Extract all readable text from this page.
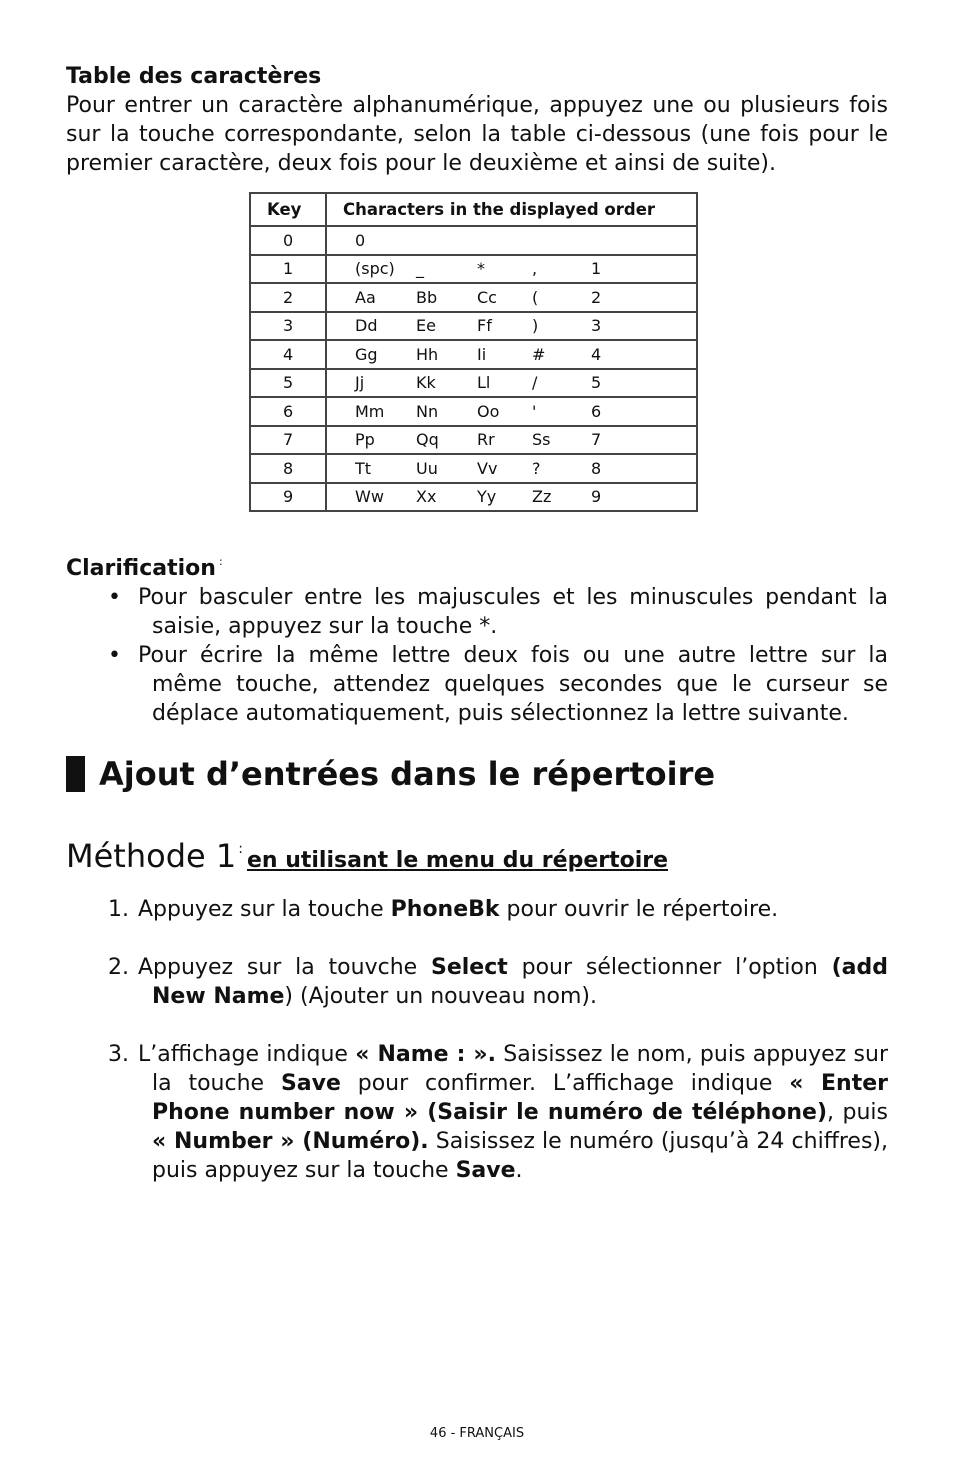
Table des caractères
Pour entrer un caractère alphanumérique, appuyez une ou plusieurs fois sur la touche correspondante, selon la table ci-dessous (une fois pour le premier caractère, deux fois pour le deuxième et ainsi de suite).
Key	Characters in the displayed order
0	0

1	(spc) _ * , 1

2	Aa Bb Cc ( 2

3	Dd Ee Ff ) 3

4	Gg Hh Ii # 4

5	Jj Kk Ll / 5

6	Mm Nn Oo ' 6

7	Pp Qq Rr Ss 7

8	Tt Uu Vv ? 8

9	Ww Xx Yy Zz 9
Clarification :
• Pour basculer entre les majuscules et les minuscules pendant la saisie, appuyez sur la touche *.
• Pour écrire la même lettre deux fois ou une autre lettre sur la même touche, attendez quelques secondes que le curseur se déplace automatiquement, puis sélectionnez la lettre suivante.
Ajout d’entrées dans le répertoire
Méthode 1 : en utilisant le menu du répertoire
1. Appuyez sur la touche PhoneBk pour ouvrir le répertoire.
2. Appuyez sur la touvche Select pour sélectionner l’option (add New Name) (Ajouter un nouveau nom).
3. L’affichage indique « Name : ». Saisissez le nom, puis appuyez sur la touche Save pour confirmer. L’affichage indique « Enter Phone number now » (Saisir le numéro de téléphone), puis « Number » (Numéro). Saisissez le numéro (jusqu’à 24 chiffres), puis appuyez sur la touche Save.
46 - FRANÇAIS
